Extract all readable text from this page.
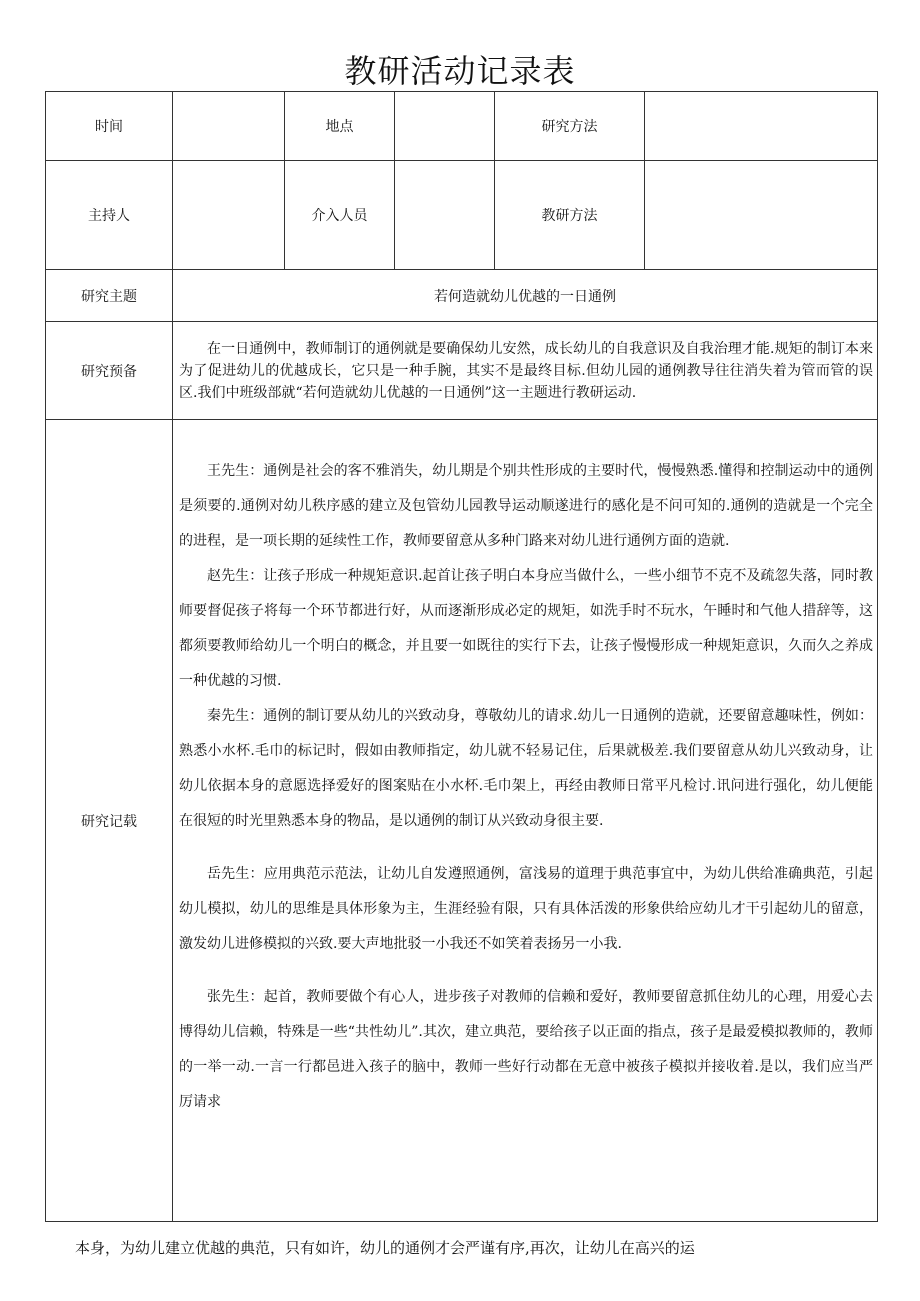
教研活动记录表
时间		地点		研究方法	
主持人		介入人员		教研方法	
研究主题	若何造就幼儿优越的一日通例				
研究预备	在一日通例中，教师制订的通例就是要确保幼儿安然，成长幼儿的自我意识及自我治理才能.规矩的制订本来为了促进幼儿的优越成长，它只是一种手腕，其实不是最终目标.但幼儿园的通例教导往往消失着为管而管的误区.我们中班级部就“若何造就幼儿优越的一日通例”这一主题进行教研运动.				

研究记载	王先生：通例是社会的客不雅消失，幼儿期是个别共性形成的主要时代，慢慢熟悉.懂得和控制运动中的通例是须要的.通例对幼儿秩序感的建立及包管幼儿园教导运动顺遂进行的感化是不问可知的.通例的造就是一个完全的进程，是一项长期的延续性工作，教师要留意从多种门路来对幼儿进行通例方面的造就.

赵先生：让孩子形成一种规矩意识.起首让孩子明白本身应当做什么，一些小细节不克不及疏忽失落，同时教师要督促孩子将每一个环节都进行好，从而逐渐形成必定的规矩，如洗手时不玩水，午睡时和气他人措辞等，这都须要教师给幼儿一个明白的概念，并且要一如既往的实行下去，让孩子慢慢形成一种规矩意识，久而久之养成一种优越的习惯.

秦先生：通例的制订要从幼儿的兴致动身，尊敬幼儿的请求.幼儿一日通例的造就，还要留意趣味性，例如：熟悉小水杯.毛巾的标记时，假如由教师指定，幼儿就不轻易记住，后果就极差.我们要留意从幼儿兴致动身，让幼儿依据本身的意愿选择爱好的图案贴在小水杯.毛巾架上，再经由教师日常平凡检讨.讯问进行强化，幼儿便能在很短的时光里熟悉本身的物品，是以通例的制订从兴致动身很主要.

岳先生：应用典范示范法，让幼儿自发遵照通例，富浅易的道理于典范事宜中，为幼儿供给准确典范，引起幼儿模拟，幼儿的思维是具体形象为主，生涯经验有限，只有具体活泼的形象供给应幼儿才干引起幼儿的留意，激发幼儿进修模拟的兴致.要大声地批驳一小我还不如笑着表扬另一小我.

张先生：起首，教师要做个有心人，进步孩子对教师的信赖和爱好，教师要留意抓住幼儿的心理，用爱心去博得幼儿信赖，特殊是一些“共性幼儿”.其次，建立典范，要给孩子以正面的指点，孩子是最爱模拟教师的，教师的一举一动.一言一行都邑进入孩子的脑中，教师一些好行动都在无意中被孩子模拟并接收着.是以，我们应当严厉请求				

本身，为幼儿建立优越的典范，只有如许，幼儿的通例才会严谨有序,再次，让幼儿在高兴的运
